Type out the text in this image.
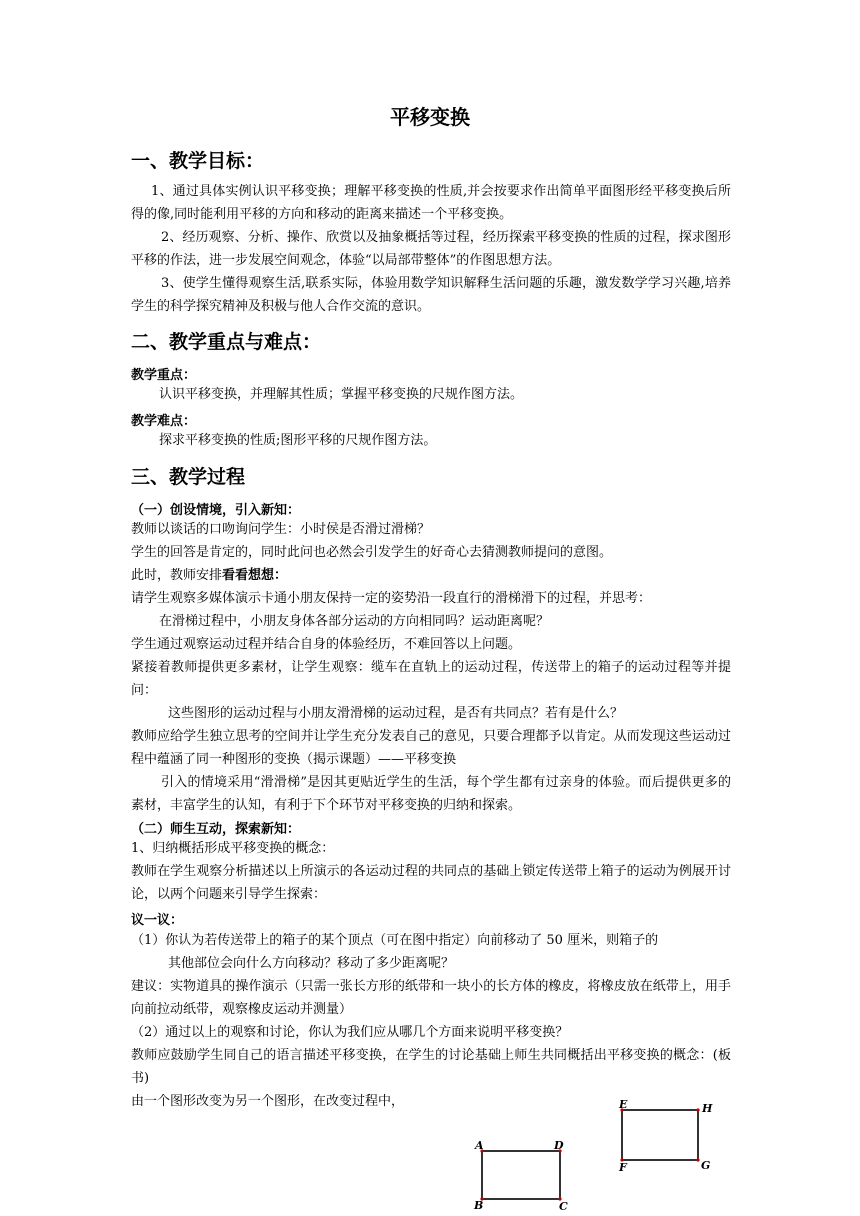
平移变换
一、教学目标：
1、通过具体实例认识平移变换；理解平移变换的性质,并会按要求作出简单平面图形经平移变换后所得的像,同时能利用平移的方向和移动的距离来描述一个平移变换。
2、经历观察、分析、操作、欣赏以及抽象概括等过程，经历探索平移变换的性质的过程，探求图形平移的作法，进一步发展空间观念，体验“以局部带整体”的作图思想方法。
3、使学生懂得观察生活,联系实际，体验用数学知识解释生活问题的乐趣，激发数学学习兴趣,培养学生的科学探究精神及积极与他人合作交流的意识。
二、教学重点与难点：
教学重点：
认识平移变换，并理解其性质；掌握平移变换的尺规作图方法。
教学难点：
探求平移变换的性质;图形平移的尺规作图方法。
三、教学过程
（一）创设情境，引入新知：
教师以谈话的口吻询问学生：小时侯是否滑过滑梯？
学生的回答是肯定的，同时此问也必然会引发学生的好奇心去猜测教师提问的意图。
此时，教师安排看看想想：
请学生观察多媒体演示卡通小朋友保持一定的姿势沿一段直行的滑梯滑下的过程，并思考：
在滑梯过程中，小朋友身体各部分运动的方向相同吗？运动距离呢？
学生通过观察运动过程并结合自身的体验经历，不难回答以上问题。
紧接着教师提供更多素材，让学生观察：缆车在直轨上的运动过程，传送带上的箱子的运动过程等并提问：
这些图形的运动过程与小朋友滑滑梯的运动过程，是否有共同点？若有是什么？
教师应给学生独立思考的空间并让学生充分发表自己的意见，只要合理都予以肯定。从而发现这些运动过程中蕴涵了同一种图形的变换（揭示课题）——平移变换
引入的情境采用“滑滑梯”是因其更贴近学生的生活，每个学生都有过亲身的体验。而后提供更多的素材，丰富学生的认知，有利于下个环节对平移变换的归纳和探索。
（二）师生互动，探索新知：
1、归纳概括形成平移变换的概念：
教师在学生观察分析描述以上所演示的各运动过程的共同点的基础上锁定传送带上箱子的运动为例展开讨论，以两个问题来引导学生探索：
议一议：
（1）你认为若传送带上的箱子的某个顶点（可在图中指定）向前移动了 50 厘米，则箱子的
其他部位会向什么方向移动？移动了多少距离呢？
建议：实物道具的操作演示（只需一张长方形的纸带和一块小的长方体的橡皮，将橡皮放在纸带上，用手向前拉动纸带，观察橡皮运动并测量）
（2）通过以上的观察和讨论，你认为我们应从哪几个方面来说明平移变换？
教师应鼓励学生同自己的语言描述平移变换，在学生的讨论基础上师生共同概括出平移变换的概念：(板书)
由一个图形改变为另一个图形，在改变过程中，	E	H
F	G
A	D
B	C
